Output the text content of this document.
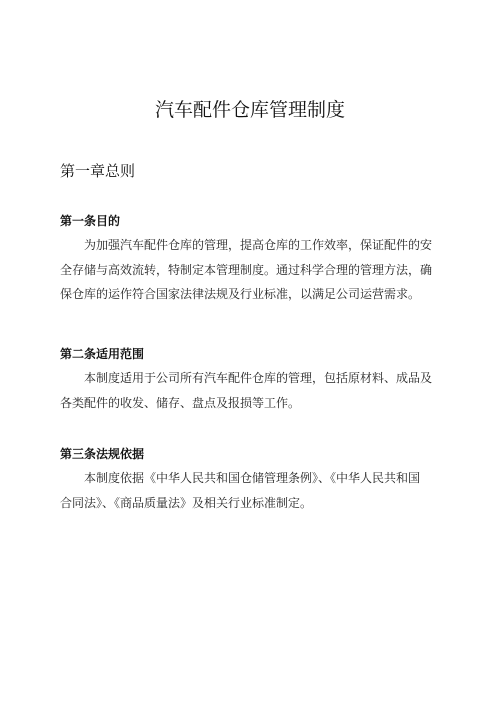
汽车配件仓库管理制度
第一章总则
第一条目的
为加强汽车配件仓库的管理，提高仓库的工作效率，保证配件的安
全存储与高效流转，特制定本管理制度。通过科学合理的管理方法，确
保仓库的运作符合国家法律法规及行业标准，以满足公司运营需求。
第二条适用范围
本制度适用于公司所有汽车配件仓库的管理，包括原材料、成品及
各类配件的收发、储存、盘点及报损等工作。
第三条法规依据
本制度依据《中华人民共和国仓储管理条例》、《中华人民共和国
合同法》、《商品质量法》及相关行业标准制定。
